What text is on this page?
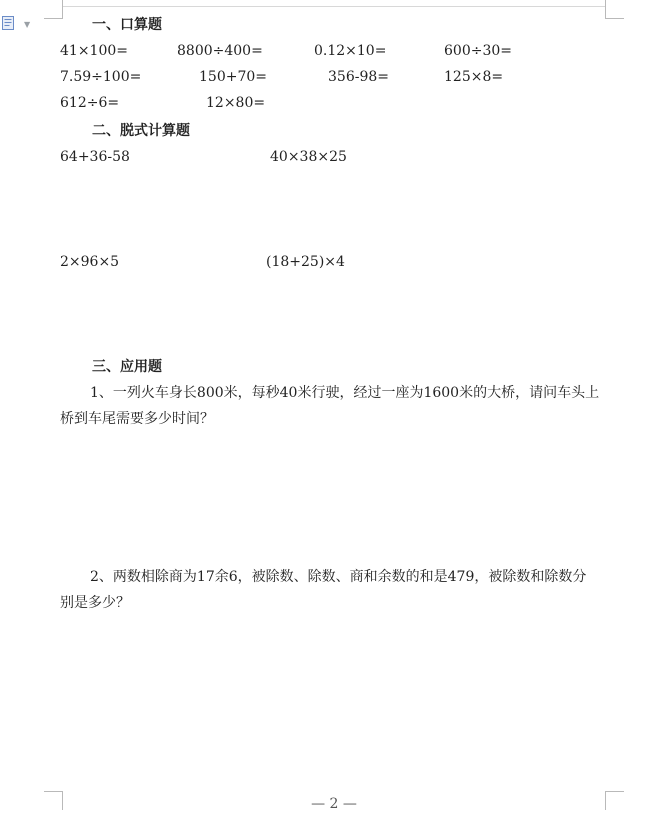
▼	一、口算题
41×100=	8800÷400=	0.12×10=	600÷30=
7.59÷100=	150+70=	356-98=	125×8=
612÷6=	12×80=
二、脱式计算题
64+36-58	40×38×25
2×96×5	(18+25)×4
三、应用题
1、一列火车身长800米，每秒40米行驶，经过一座为1600米的大桥，请问车头上桥到车尾需要多少时间？
2、两数相除商为17余6，被除数、除数、商和余数的和是479，被除数和除数分别是多少？
— 2 —
